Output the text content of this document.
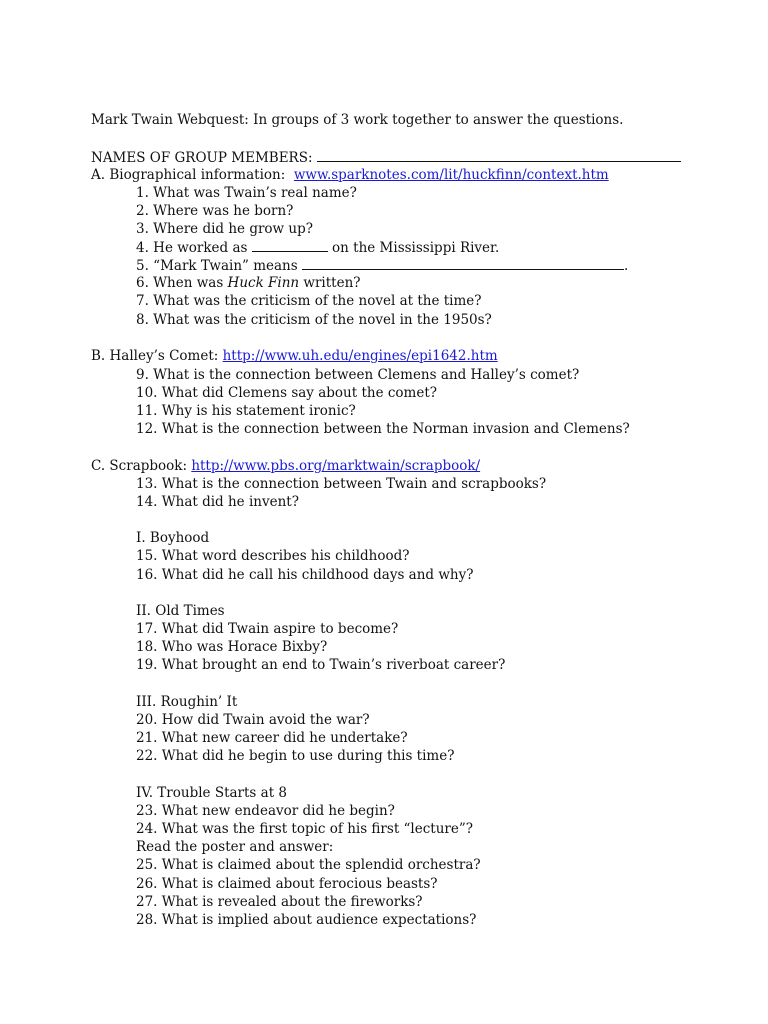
Mark Twain Webquest: In groups of 3 work together to answer the questions.
NAMES OF GROUP MEMBERS:
A. Biographical information: www.sparknotes.com/lit/huckfinn/context.htm
1. What was Twain’s real name?
2. Where was he born?
3. Where did he grow up?
4. He worked as	on the Mississippi River.
5. “Mark Twain” means	.
6. When was Huck Finn written?
7. What was the criticism of the novel at the time?
8. What was the criticism of the novel in the 1950s?
B. Halley’s Comet: http://www.uh.edu/engines/epi1642.htm
9. What is the connection between Clemens and Halley’s comet?
10. What did Clemens say about the comet?
11. Why is his statement ironic?
12. What is the connection between the Norman invasion and Clemens?
C. Scrapbook: http://www.pbs.org/marktwain/scrapbook/
13. What is the connection between Twain and scrapbooks?
14. What did he invent?
I. Boyhood
15. What word describes his childhood?
16. What did he call his childhood days and why?
II. Old Times
17. What did Twain aspire to become?
18. Who was Horace Bixby?
19. What brought an end to Twain’s riverboat career?
III. Roughin’ It
20. How did Twain avoid the war?
21. What new career did he undertake?
22. What did he begin to use during this time?
IV. Trouble Starts at 8
23. What new endeavor did he begin?
24. What was the first topic of his first “lecture”?
Read the poster and answer:
25. What is claimed about the splendid orchestra?
26. What is claimed about ferocious beasts?
27. What is revealed about the fireworks?
28. What is implied about audience expectations?
